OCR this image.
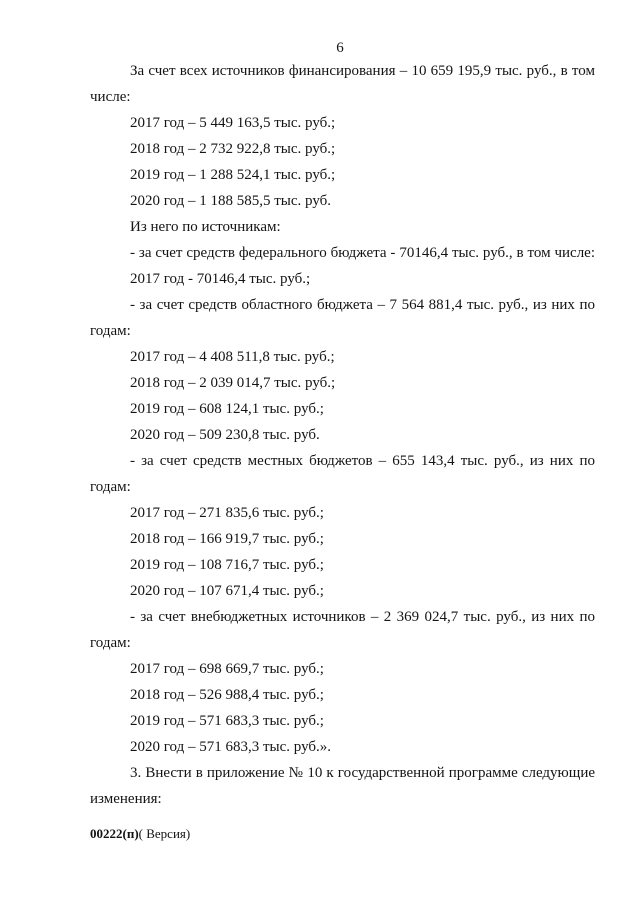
6
За счет всех источников финансирования – 10 659 195,9 тыс. руб., в том
числе:
2017 год – 5 449 163,5 тыс. руб.;
2018 год – 2 732 922,8 тыс. руб.;
2019 год – 1 288 524,1 тыс. руб.;
2020 год – 1 188 585,5 тыс. руб.
Из него по источникам:
- за счет средств федерального бюджета - 70146,4 тыс. руб., в том числе:
2017 год - 70146,4 тыс. руб.;
- за счет средств областного бюджета – 7 564 881,4 тыс. руб., из них по
годам:
2017 год – 4 408 511,8 тыс. руб.;
2018 год – 2 039 014,7 тыс. руб.;
2019 год – 608 124,1 тыс. руб.;
2020 год – 509 230,8 тыс. руб.
- за счет средств местных бюджетов – 655 143,4 тыс. руб., из них по
годам:
2017 год – 271 835,6 тыс. руб.;
2018 год – 166 919,7 тыс. руб.;
2019 год – 108 716,7 тыс. руб.;
2020 год – 107 671,4 тыс. руб.;
- за счет внебюджетных источников – 2 369 024,7 тыс. руб., из них по
годам:
2017 год – 698 669,7 тыс. руб.;
2018 год – 526 988,4 тыс. руб.;
2019 год – 571 683,3 тыс. руб.;
2020 год – 571 683,3 тыс. руб.».
3. Внести в приложение № 10 к государственной программе следующие
изменения:
00222(п)( Версия)
